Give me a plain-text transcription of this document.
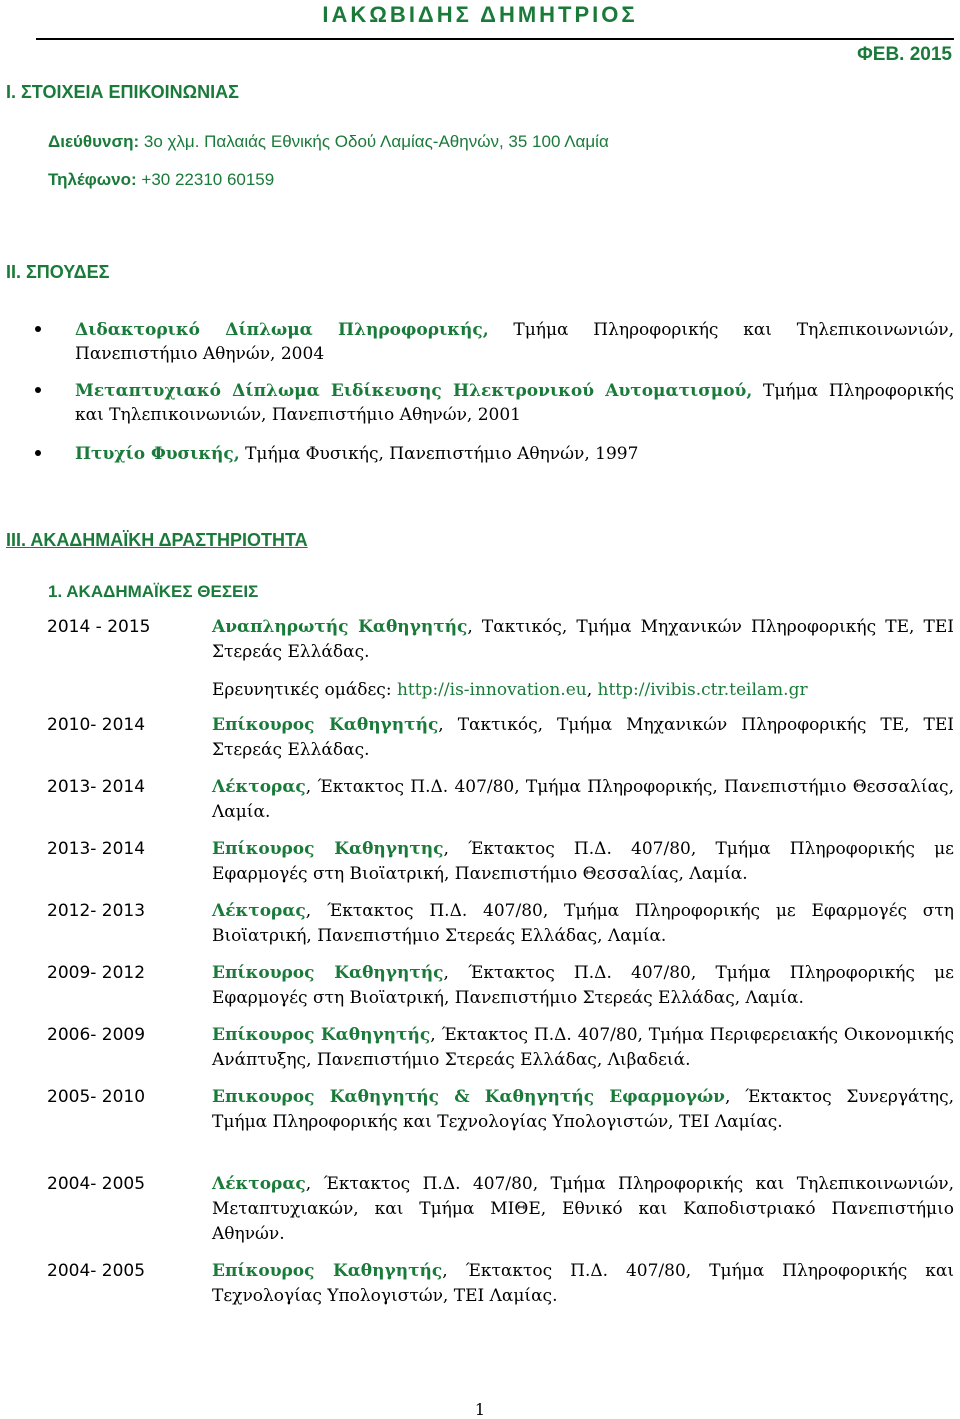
ΙΑΚΩΒΙΔΗΣ ΔΗΜΗΤΡΙΟΣ
ΦΕΒ. 2015
Ι. ΣΤΟΙΧΕΙΑ ΕΠΙΚΟΙΝΩΝΙΑΣ
Διεύθυνση: 3ο χλμ. Παλαιάς Εθνικής Οδού Λαμίας-Αθηνών, 35 100 Λαμία
Τηλέφωνο: +30 22310 60159
ΙΙ. ΣΠΟΥΔΕΣ
Διδακτορικό Δίπλωμα Πληροφορικής, Τμήμα Πληροφορικής και Τηλεπικοινωνιών, Πανεπιστήμιο Αθηνών, 2004
Μεταπτυχιακό Δίπλωμα Ειδίκευσης Ηλεκτρονικού Αυτοματισμού, Τμήμα Πληροφορικής και Τηλεπικοινωνιών, Πανεπιστήμιο Αθηνών, 2001
Πτυχίο Φυσικής, Τμήμα Φυσικής, Πανεπιστήμιο Αθηνών, 1997
ΙΙΙ. ΑΚΑΔΗΜΑΪΚΗ ΔΡΑΣΤΗΡΙΟΤΗΤΑ
1. ΑΚΑΔΗΜΑΪΚΕΣ ΘΕΣΕΙΣ
2014 - 2015	Αναπληρωτής Καθηγητής, Τακτικός, Τμήμα Μηχανικών Πληροφορικής ΤΕ, ΤΕΙ Στερεάς Ελλάδας.
Ερευνητικές ομάδες: http://is-innovation.eu, http://ivibis.ctr.teilam.gr
2010- 2014	Επίκουρος Καθηγητής, Τακτικός, Τμήμα Μηχανικών Πληροφορικής ΤΕ, ΤΕΙ Στερεάς Ελλάδας.
2013- 2014	Λέκτορας, Έκτακτος Π.Δ. 407/80, Τμήμα Πληροφορικής, Πανεπιστήμιο Θεσσαλίας, Λαμία.
2013- 2014	Επίκουρος Καθηγητης, Έκτακτος Π.Δ. 407/80, Τμήμα Πληροφορικής με Εφαρμογές στη Βιοϊατρική, Πανεπιστήμιο Θεσσαλίας, Λαμία.
2012- 2013	Λέκτορας, Έκτακτος Π.Δ. 407/80, Τμήμα Πληροφορικής με Εφαρμογές στη Βιοϊατρική, Πανεπιστήμιο Στερεάς Ελλάδας, Λαμία.
2009- 2012	Επίκουρος Καθηγητής, Έκτακτος Π.Δ. 407/80, Τμήμα Πληροφορικής με Εφαρμογές στη Βιοϊατρική, Πανεπιστήμιο Στερεάς Ελλάδας, Λαμία.
2006- 2009	Επίκουρος Καθηγητής, Έκτακτος Π.Δ. 407/80, Τμήμα Περιφερειακής Οικονομικής Ανάπτυξης, Πανεπιστήμιο Στερεάς Ελλάδας, Λιβαδειά.
2005- 2010	Επικουρος Καθηγητής & Καθηγητής Εφαρμογών, Έκτακτος Συνεργάτης, Τμήμα Πληροφορικής και Τεχνολογίας Υπολογιστών, ΤΕΙ Λαμίας.
2004- 2005	Λέκτορας, Έκτακτος Π.Δ. 407/80, Τμήμα Πληροφορικής και Τηλεπικοινωνιών, Μεταπτυχιακών, και Τμήμα ΜΙΘΕ, Εθνικό και Καποδιστριακό Πανεπιστήμιο Αθηνών.
2004- 2005	Επίκουρος Καθηγητής, Έκτακτος Π.Δ. 407/80, Τμήμα Πληροφορικής και Τεχνολογίας Υπολογιστών, ΤΕΙ Λαμίας.
1
